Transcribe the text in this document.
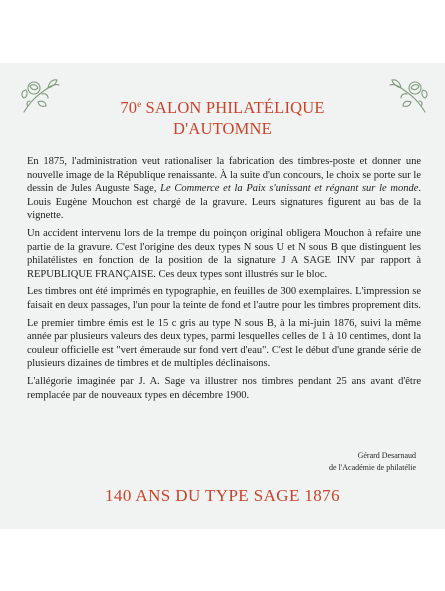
70e SALON PHILATÉLIQUE
D'AUTOMNE

En 1875, l'administration veut rationaliser la fabrication des timbres-poste et donner une nouvelle image de la République renaissante. À la suite d'un concours, le choix se porte sur le dessin de Jules Auguste Sage, Le Commerce et la Paix s'unissant et régnant sur le monde. Louis Eugène Mouchon est chargé de la gravure. Leurs signatures figurent au bas de la vignette.

Un accident intervenu lors de la trempe du poinçon original obligera Mouchon à refaire une partie de la gravure. C'est l'origine des deux types N sous U et N sous B que distinguent les philatélistes en fonction de la position de la signature J A SAGE INV par rapport à REPUBLIQUE FRANÇAISE. Ces deux types sont illustrés sur le bloc.

Les timbres ont été imprimés en typographie, en feuilles de 300 exemplaires. L'impression se faisait en deux passages, l'un pour la teinte de fond et l'autre pour les timbres proprement dits.

Le premier timbre émis est le 15 c gris au type N sous B, à la mi-juin 1876, suivi la même année par plusieurs valeurs des deux types, parmi lesquelles celles de 1 à 10 centimes, dont la couleur officielle est "vert émeraude sur fond vert d'eau". C'est le début d'une grande série de plusieurs dizaines de timbres et de multiples déclinaisons.

L'allégorie imaginée par J. A. Sage va illustrer nos timbres pendant 25 ans avant d'être remplacée par de nouveaux types en décembre 1900.

Gérard Desarnaud
de l'Académie de philatélie
140 ANS DU TYPE SAGE 1876
